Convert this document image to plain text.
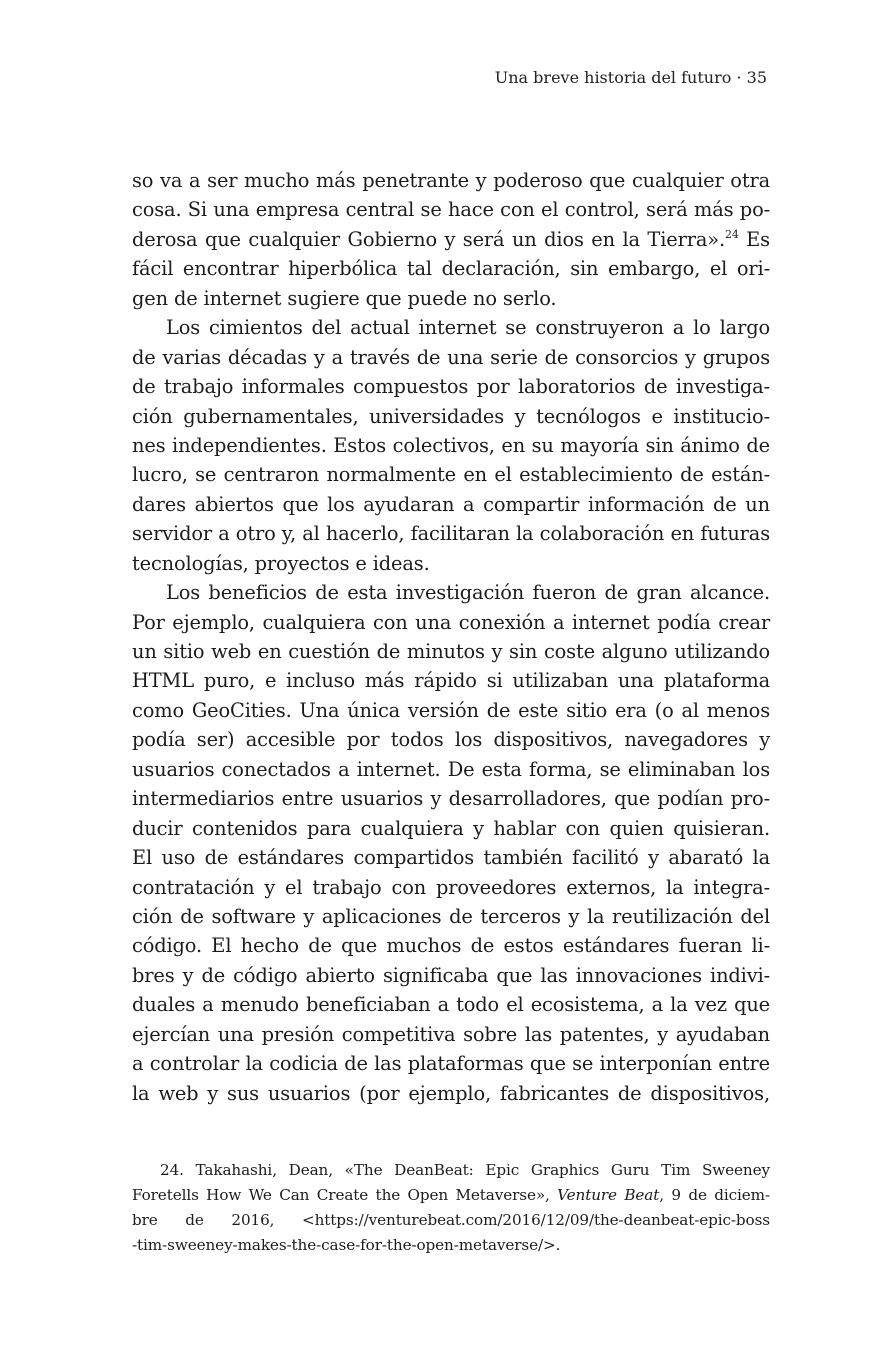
Una breve historia del futuro · 35
so va a ser mucho más penetrante y poderoso que cualquier otra
cosa. Si una empresa central se hace con el control, será más po-
derosa que cualquier Gobierno y será un dios en la Tierra».$^{24}$ Es
fácil encontrar hiperbólica tal declaración, sin embargo, el ori-
gen de internet sugiere que puede no serlo.
Los cimientos del actual internet se construyeron a lo largo
de varias décadas y a través de una serie de consorcios y grupos
de trabajo informales compuestos por laboratorios de investiga-
ción gubernamentales, universidades y tecnólogos e institucio-
nes independientes. Estos colectivos, en su mayoría sin ánimo de
lucro, se centraron normalmente en el establecimiento de están-
dares abiertos que los ayudaran a compartir información de un
servidor a otro y, al hacerlo, facilitaran la colaboración en futuras
tecnologías, proyectos e ideas.
Los beneficios de esta investigación fueron de gran alcance.
Por ejemplo, cualquiera con una conexión a internet podía crear
un sitio web en cuestión de minutos y sin coste alguno utilizando
HTML puro, e incluso más rápido si utilizaban una plataforma
como GeoCities. Una única versión de este sitio era (o al menos
podía ser) accesible por todos los dispositivos, navegadores y
usuarios conectados a internet. De esta forma, se eliminaban los
intermediarios entre usuarios y desarrolladores, que podían pro-
ducir contenidos para cualquiera y hablar con quien quisieran.
El uso de estándares compartidos también facilitó y abarató la
contratación y el trabajo con proveedores externos, la integra-
ción de software y aplicaciones de terceros y la reutilización del
código. El hecho de que muchos de estos estándares fueran li-
bres y de código abierto significaba que las innovaciones indivi-
duales a menudo beneficiaban a todo el ecosistema, a la vez que
ejercían una presión competitiva sobre las patentes, y ayudaban
a controlar la codicia de las plataformas que se interponían entre
la web y sus usuarios (por ejemplo, fabricantes de dispositivos,
24. Takahashi, Dean, «The DeanBeat: Epic Graphics Guru Tim Sweeney
Foretells How We Can Create the Open Metaverse», Venture Beat, 9 de diciem-
bre de 2016, <https://venturebeat.com/2016/12/09/the-deanbeat-epic-boss
-tim-sweeney-makes-the-case-for-the-open-metaverse/>.
